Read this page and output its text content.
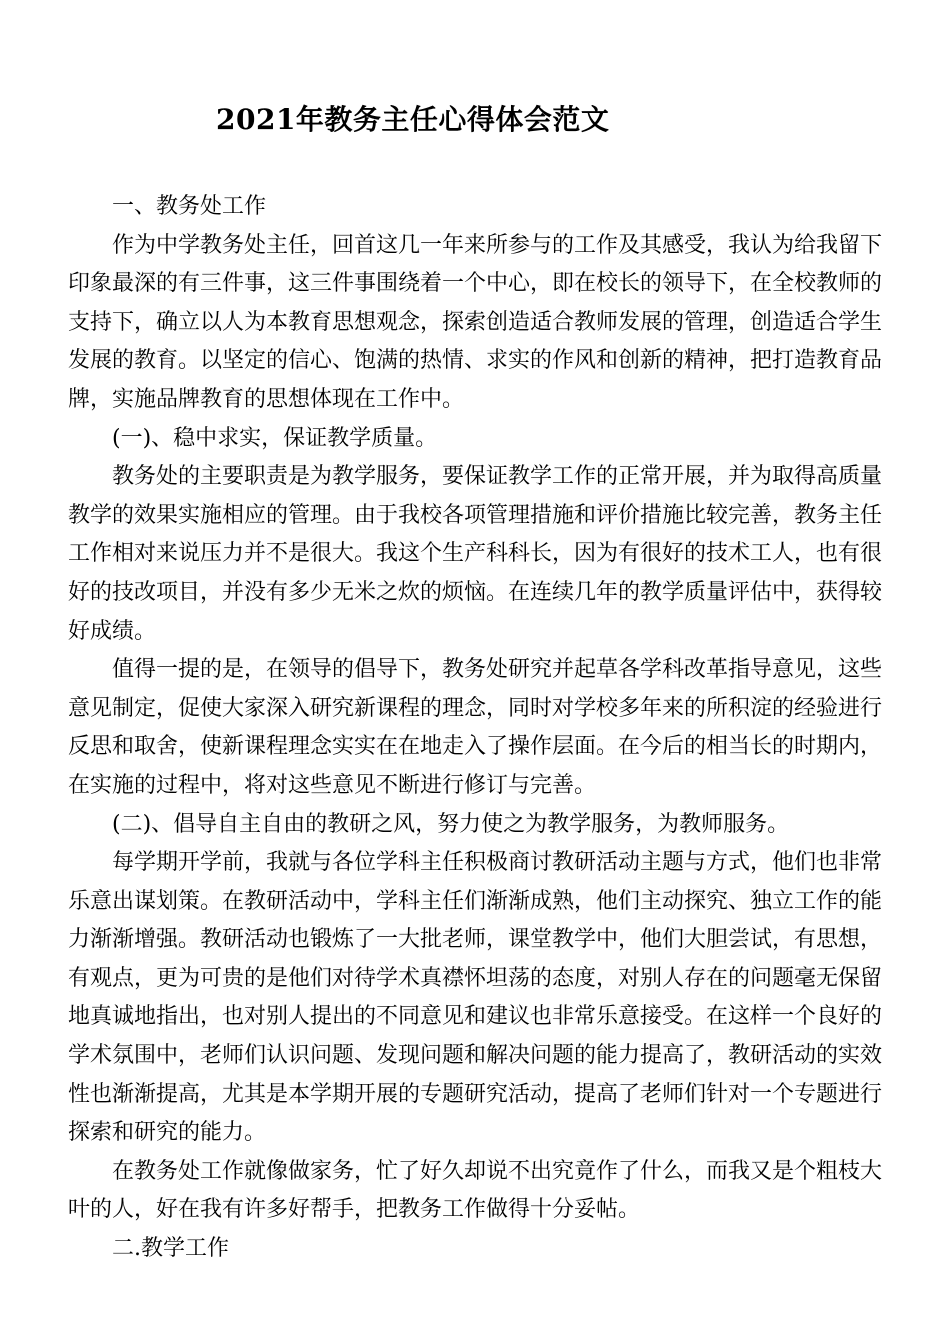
2021年教务主任心得体会范文
一、教务处工作

作为中学教务处主任，回首这几一年来所参与的工作及其感受，我认为给我留下印象最深的有三件事，这三件事围绕着一个中心，即在校长的领导下，在全校教师的支持下，确立以人为本教育思想观念，探索创造适合教师发展的管理，创造适合学生发展的教育。以坚定的信心、饱满的热情、求实的作风和创新的精神，把打造教育品牌，实施品牌教育的思想体现在工作中。

(一)、稳中求实，保证教学质量。

教务处的主要职责是为教学服务，要保证教学工作的正常开展，并为取得高质量教学的效果实施相应的管理。由于我校各项管理措施和评价措施比较完善，教务主任工作相对来说压力并不是很大。我这个生产科科长，因为有很好的技术工人，也有很好的技改项目，并没有多少无米之炊的烦恼。在连续几年的教学质量评估中，获得较好成绩。

值得一提的是，在领导的倡导下，教务处研究并起草各学科改革指导意见，这些意见制定，促使大家深入研究新课程的理念，同时对学校多年来的所积淀的经验进行反思和取舍，使新课程理念实实在在地走入了操作层面。在今后的相当长的时期内，在实施的过程中，将对这些意见不断进行修订与完善。

(二)、倡导自主自由的教研之风，努力使之为教学服务，为教师服务。

每学期开学前，我就与各位学科主任积极商讨教研活动主题与方式，他们也非常乐意出谋划策。在教研活动中，学科主任们渐渐成熟，他们主动探究、独立工作的能力渐渐增强。教研活动也锻炼了一大批老师，课堂教学中，他们大胆尝试，有思想，有观点，更为可贵的是他们对待学术真襟怀坦荡的态度，对别人存在的问题毫无保留地真诚地指出，也对别人提出的不同意见和建议也非常乐意接受。在这样一个良好的学术氛围中，老师们认识问题、发现问题和解决问题的能力提高了，教研活动的实效性也渐渐提高，尤其是本学期开展的专题研究活动，提高了老师们针对一个专题进行探索和研究的能力。

在教务处工作就像做家务，忙了好久却说不出究竟作了什么，而我又是个粗枝大叶的人，好在我有许多好帮手，把教务工作做得十分妥帖。

二.教学工作
